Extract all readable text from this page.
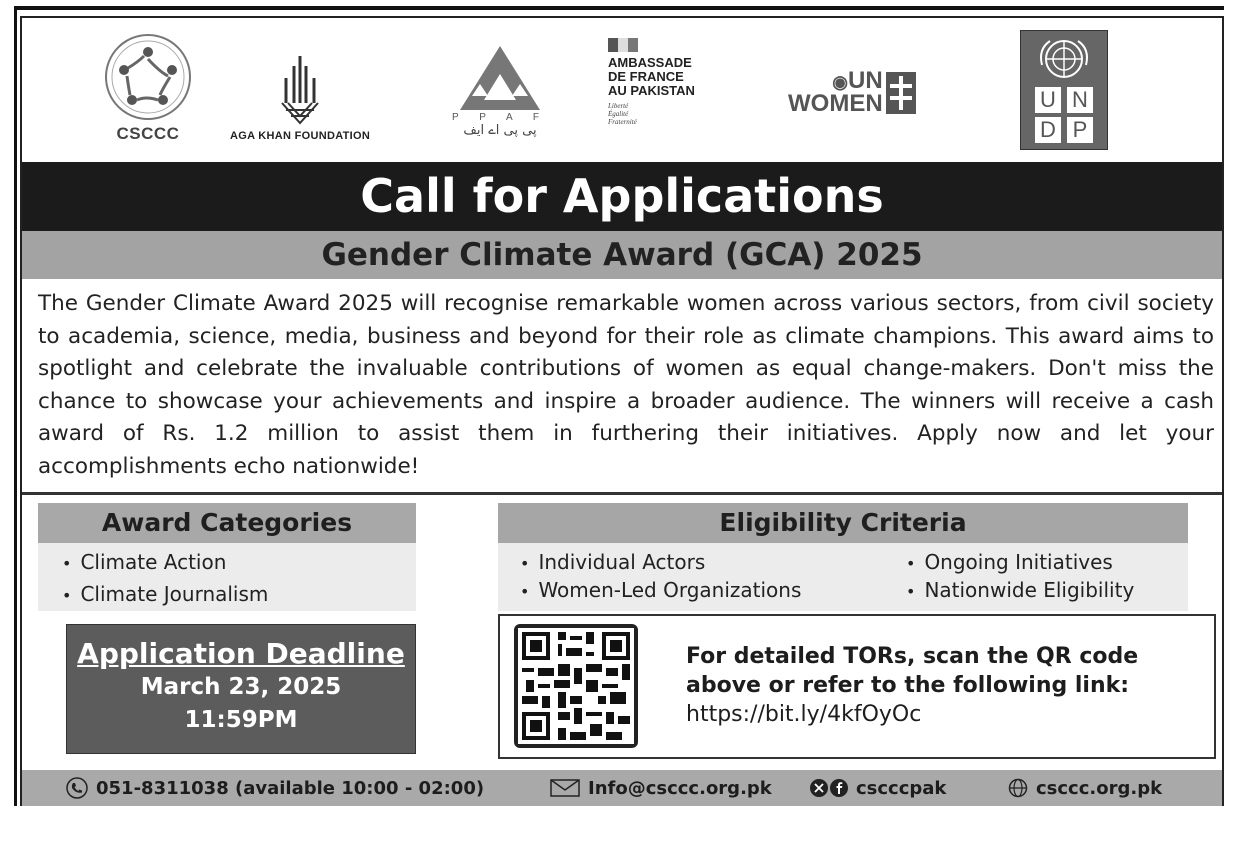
CSCCC	AGA KHAN FOUNDATION
P P A F
پی پی اے ایف
AMBASSADE
DE FRANCE
AU PAKISTAN
Liberté
Égalité
Fraternité
◉UN
WOMEN	U N
D P
Call for Applications
Gender Climate Award (GCA) 2025
The Gender Climate Award 2025 will recognise remarkable women across various sectors, from civil society to academia, science, media, business and beyond for their role as climate champions. This award aims to spotlight and celebrate the invaluable contributions of women as equal change-makers. Don't miss the chance to showcase your achievements and inspire a broader audience. The winners will receive a cash award of Rs. 1.2 million to assist them in furthering their initiatives. Apply now and let your accomplishments echo nationwide!
Award Categories
• Climate Action
• Climate Journalism
Eligibility Criteria
• Individual Actors
• Women-Led Organizations
• Ongoing Initiatives
• Nationwide Eligibility
Application Deadline
March 23, 2025
11:59PM
For detailed TORs, scan the QR code
above or refer to the following link:
https://bit.ly/4kfOyOc
051-8311038 (available 10:00 - 02:00)	Info@csccc.org.pk	cscccpak	csccc.org.pk
